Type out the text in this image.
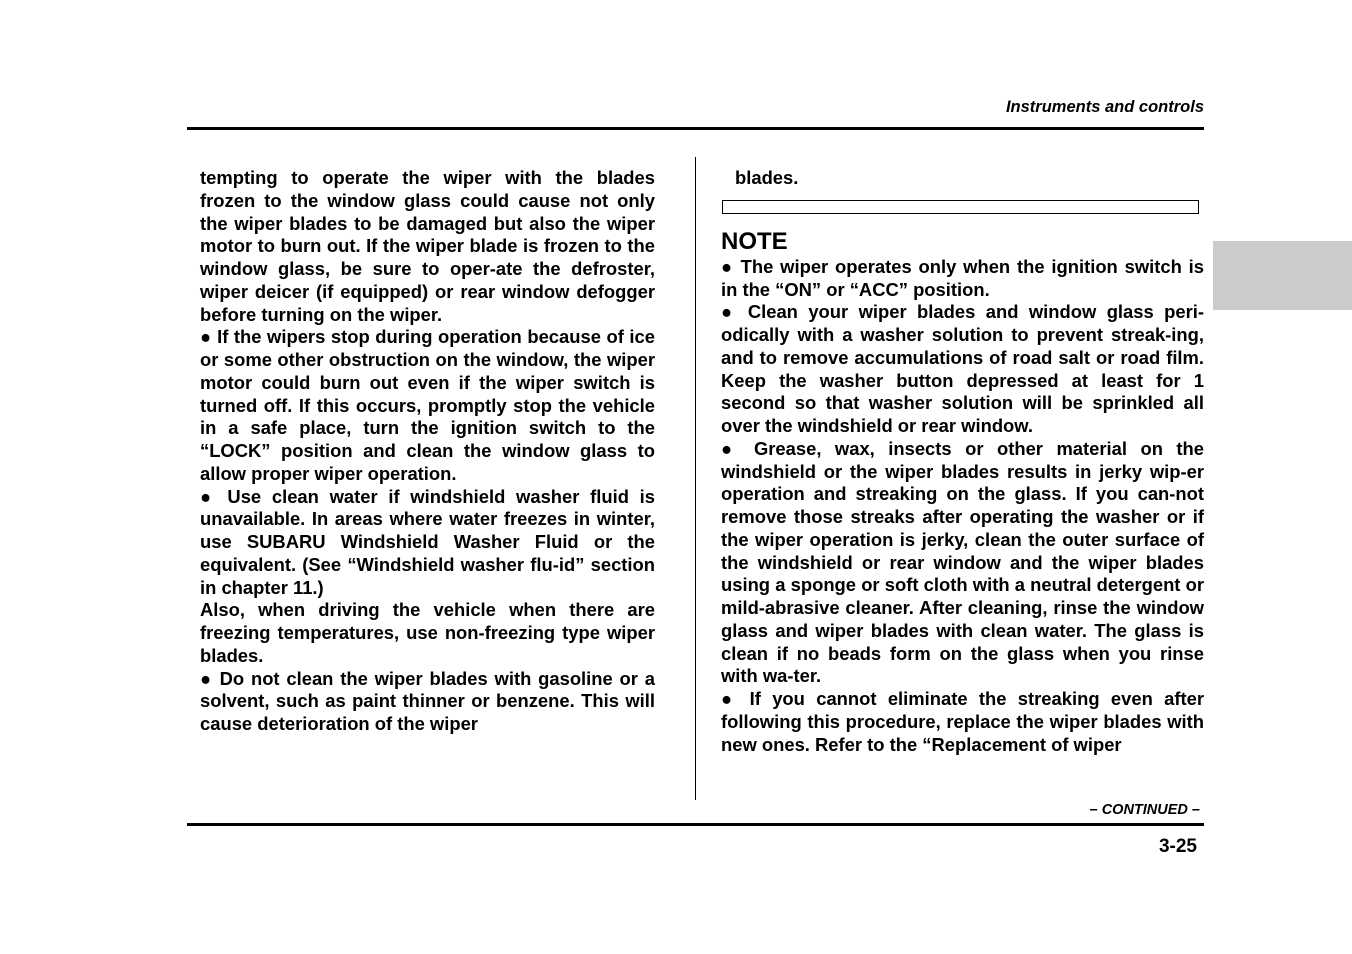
Instruments and controls

tempting to operate the wiper with the blades frozen to the window glass could cause not only the wiper blades to be damaged but also the wiper motor to burn out. If the wiper blade is frozen to the window glass, be sure to oper-ate the defroster, wiper deicer (if equipped) or rear window defogger before turning on the wiper.

● If the wipers stop during operation because of ice or some other obstruction on the window, the wiper motor could burn out even if the wiper switch is turned off. If this occurs, promptly stop the vehicle in a safe place, turn the ignition switch to the “LOCK” position and clean the window glass to allow proper wiper operation.

● Use clean water if windshield washer fluid is unavailable. In areas where water freezes in winter, use SUBARU Windshield Washer Fluid or the equivalent. (See “Windshield washer flu-id” section in chapter 11.)

Also, when driving the vehicle when there are freezing temperatures, use non-freezing type wiper blades.

● Do not clean the wiper blades with gasoline or a solvent, such as paint thinner or benzene. This will cause deterioration of the wiper

blades.

NOTE

● The wiper operates only when the ignition switch is in the “ON” or “ACC” position.

● Clean your wiper blades and window glass peri-odically with a washer solution to prevent streak-ing, and to remove accumulations of road salt or road film. Keep the washer button depressed at least for 1 second so that washer solution will be sprinkled all over the windshield or rear window.

● Grease, wax, insects or other material on the windshield or the wiper blades results in jerky wip-er operation and streaking on the glass. If you can-not remove those streaks after operating the washer or if the wiper operation is jerky, clean the outer surface of the windshield or rear window and the wiper blades using a sponge or soft cloth with a neutral detergent or mild-abrasive cleaner. After cleaning, rinse the window glass and wiper blades with clean water. The glass is clean if no beads form on the glass when you rinse with wa-ter.

● If you cannot eliminate the streaking even after following this procedure, replace the wiper blades with new ones. Refer to the “Replacement of wiper

– CONTINUED –
3-25
